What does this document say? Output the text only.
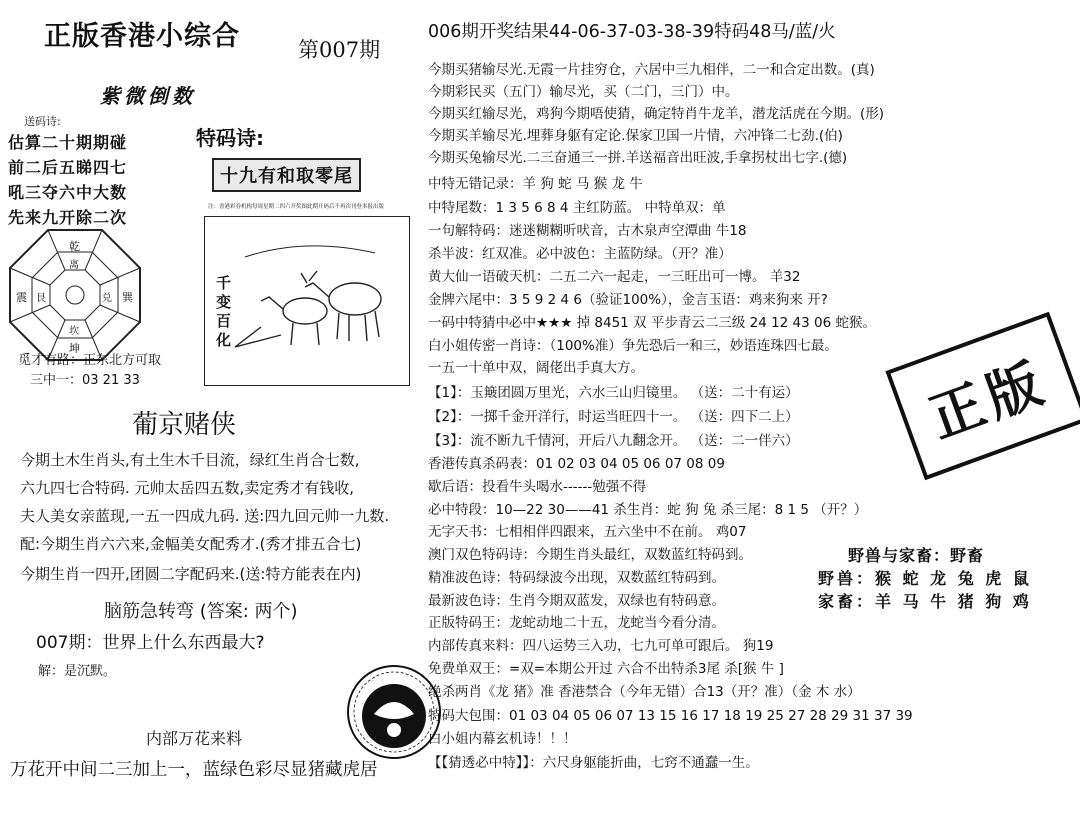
正版香港小综合	第007期
紫微倒数
送码诗:
估算二十期期碰
前二后五睇四七
吼三夺六中大数
先来九开除二次
特码诗:
十九有和取零尾
乾
坤
震	巽
坎
离
艮	兑
觅才有路：正东北方可取
三中一：03 21 33
千变百化
注：香港彩券机构每周星期二四六开奖图此期开码后不再次刊登本报出版
葡京赌侠
今期土木生肖头,有土生木千目流，绿红生肖合七数,
六九四七合特码. 元帅太岳四五数,卖定秀才有钱收,
夫人美女亲蓝现,一五一四成九码. 送:四九回元帅一九数.
配:今期生肖六六来,金幅美女配秀才.(秀才排五合七)
今期生肖一四开,团圆二字配码来.(送:特方能表在内)
脑筋急转弯 (答案: 两个)
007期：世界上什么东西最大?
解：是沉默。
内部万花来料
万花开中间二三加上一，蓝绿色彩尽显猪藏虎居
006期开奖结果44-06-37-03-38-39特码48马/蓝/火
今期买猪输尽光.无霞一片挂穷仓，六居中三九相伴，二一和合定出数。(真)
今期彩民买（五门）输尽光，买（二门，三门）中。
今期买红输尽光，鸡狗今期唔使猜，确定特肖牛龙羊，潜龙活虎在今期。(形)
今期买羊输尽光.埋葬身躯有定论.保家卫国一片情，六冲锋二七劲.(伯)
今期买兔输尽光.二三奋通三一拼.羊送福音出旺波,手拿拐杖出七字.(德)
中特无错记录：羊 狗 蛇 马 猴 龙 牛
中特尾数：1 3 5 6 8 4 主红防蓝。 中特单双：单
一句解特码：迷迷糊糊听吠音，古木泉声空潭曲 牛18
杀半波：红双准。必中波色：主蓝防绿。（开？准）
黄大仙一语破天机：二五二六一起走，一三旺出可一博。 羊32
金牌六尾中：3 5 9 2 4 6（验证100%），金言玉语：鸡来狗来 开?
一码中特猜中必中★★★ 掉 8451 双 平步青云二三级 24 12 43 06 蛇猴。
白小姐传密一肖诗：（100%准）争先恐后一和三，妙语连珠四七最。
一五一十单中双，阔佬出手真大方。
【1】：玉簸团圆万里光，六水三山归镜里。 （送：二十有运）
【2】：一掷千金开洋行，时运当旺四十一。 （送：四下二上）
【3】：流不断九千情河，开后八九翻念开。 （送：二一伴六）
香港传真杀码表：01 02 03 04 05 06 07 08 09
歇后语：投看牛头喝水------勉强不得
必中特段：10—22 30——41 杀生肖：蛇 狗 兔 杀三尾：8 1 5 （开？）
无字天书：七相相伴四跟来，五六坐中不在前。 鸡07
澳门双色特码诗：今期生肖头最红，双数蓝红特码到。
精准波色诗：特码绿波今出现，双数蓝红特码到。
最新波色诗：生肖今期双蓝发，双绿也有特码意。
正版特码王：龙蛇动地二十五，龙蛇当今看分清。
内部传真来料：四八运势三入功，七九可单可跟后。 狗19
免费单双王：=双=本期公开过 六合不出特杀3尾 杀[猴 牛 ]
绝杀两肖《龙 猪》准 香港禁合（今年无错）合13（开？准）（金 木 水）
特码大包围：01 03 04 05 06 07 13 15 16 17 18 19 25 27 28 29 31 37 39
白小姐内幕玄机诗！！！
【【猜透必中特】】：六尺身躯能折曲，七窍不通蠢一生。
野兽与家畜：野畜
野兽：猴 蛇 龙 兔 虎 鼠
家畜：羊 马 牛 猪 狗 鸡
正版
